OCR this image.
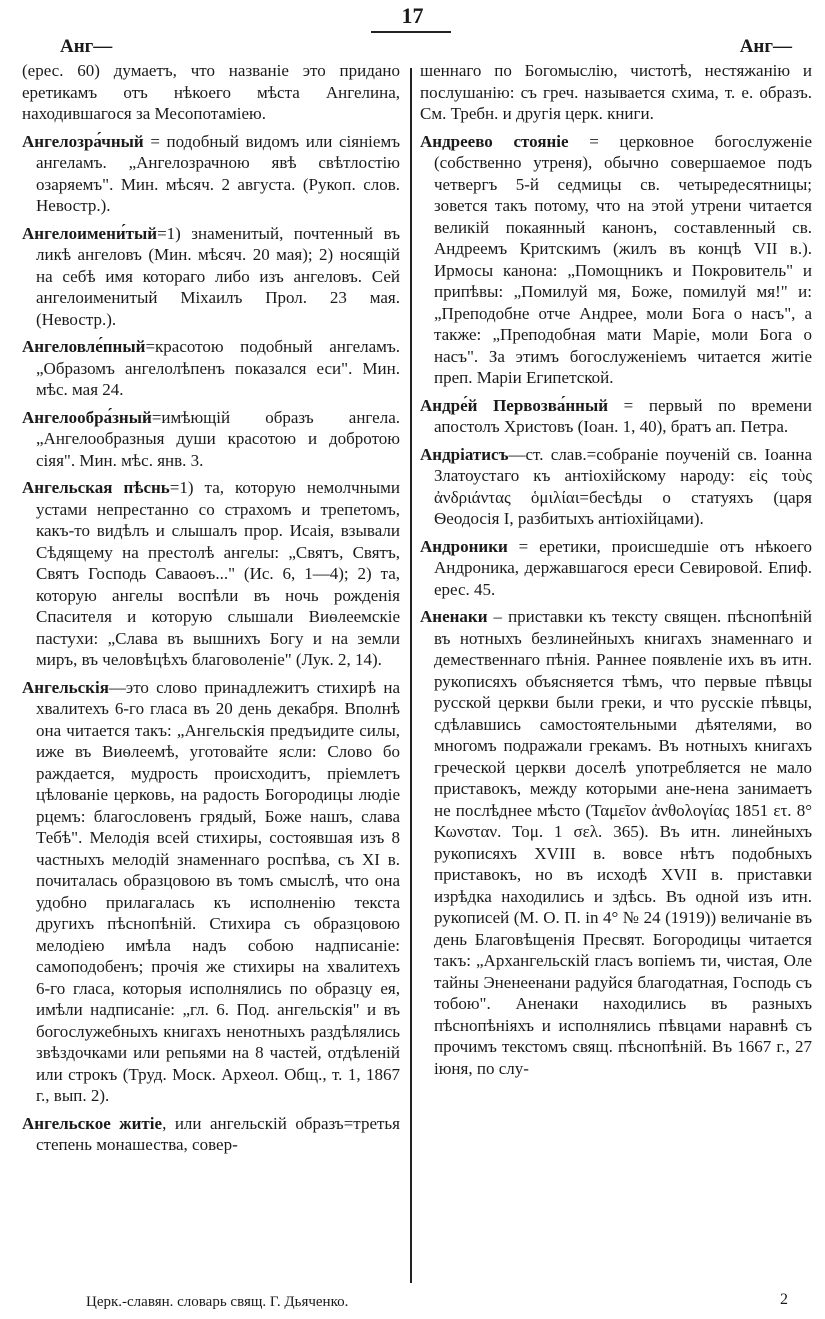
17
Анг—

(ерес. 60) думаетъ, что названіе это придано еретикамъ отъ нѣкоего мѣста Ангелина, находившагося за Месопотаміею.

Ангелозра́чный = подобный видомъ или сіяніемъ ангеламъ. „Ангелозрачною явѣ свѣтлостію озаряемъ". Мин. мѣсяч. 2 августа. (Рукоп. слов. Невостр.).

Ангелоимени́тый=1) знаменитый, почтенный въ ликѣ ангеловъ (Мин. мѣсяч. 20 мая); 2) носящій на себѣ имя котораго либо изъ ангеловъ. Сей ангелоименитый Міхаилъ Прол. 23 мая. (Невостр.).

Ангеловле́пный=красотою подобный ангеламъ. „Образомъ ангелолѣпенъ показался еси". Мин. мѣс. мая 24.

Ангелообра́зный=имѣющій образъ ангела. „Ангелообразныя души красотою и добротою сіяя". Мин. мѣс. янв. 3.

Ангельская пѣснь=1) та, которую немолчными устами непрестанно со страхомъ и трепетомъ, какъ-то видѣлъ и слышалъ прор. Исаія, взывали Сѣдящему на престолѣ ангелы: „Святъ, Святъ, Святъ Господь Саваоѳъ..." (Ис. 6, 1—4); 2) та, которую ангелы воспѣли въ ночь рожденія Спасителя и которую слышали Виѳлеемскіе пастухи: „Слава въ вышнихъ Богу и на земли миръ, въ человѣцѣхъ благоволеніе" (Лук. 2, 14).

Ангельскія—это слово принадлежитъ стихирѣ на хвалитехъ 6-го гласа въ 20 день декабря. Вполнѣ она читается такъ: „Ангельскія предъидите силы, иже въ Виѳлеемѣ, уготовайте ясли: Слово бо раждается, мудрость происходитъ, пріемлетъ цѣлованіе церковь, на радость Богородицы людіе рцемъ: благословенъ грядый, Боже нашъ, слава Тебѣ". Мелодія всей стихиры, состоявшая изъ 8 частныхъ мелодій знаменнаго роспѣва, съ XI в. почиталась образцовою въ томъ смыслѣ, что она удобно прилагалась къ исполненію текста другихъ пѣснопѣній. Стихира съ образцовою мелодіею имѣла надъ собою надписаніе: самоподобенъ; прочія же стихиры на хвалитехъ 6-го гласа, которыя исполнялись по образцу ея, имѣли надписаніе: „гл. 6. Под. ангельскія" и въ богослужебныхъ книгахъ ненотныхъ раздѣлялись звѣздочками или репьями на 8 частей, отдѣленій или строкъ (Труд. Моск. Археол. Общ., т. 1, 1867 г., вып. 2).

Ангельское житіе, или ангельскій образъ=третья степень монашества, совер-

Анг—

шеннаго по Богомыслію, чистотѣ, нестяжанію и послушанію: съ греч. называется схима, т. е. образъ. См. Требн. и другія церк. книги.

Андреево стояніе = церковное богослуженіе (собственно утреня), обычно совершаемое подъ четвергъ 5-й седмицы св. четыредесятницы; зовется такъ потому, что на этой утрени читается великій покаянный канонъ, составленный св. Андреемъ Критскимъ (жилъ въ концѣ VII в.). Ирмосы канона: „Помощникъ и Покровитель" и припѣвы: „Помилуй мя, Боже, помилуй мя!" и: „Преподобне отче Андрее, моли Бога о насъ", а также: „Преподобная мати Маріе, моли Бога о насъ". За этимъ богослуженіемъ читается житіе преп. Маріи Египетской.

Андре́й Первозва́нный = первый по времени апостолъ Христовъ (Іоан. 1, 40), братъ ап. Петра.

Андріатисъ—ст. слав.=собраніе поученій св. Іоанна Златоустаго къ антіохійскому народу: εἰς τοὺς ἀνδριάντας ὁμιλίαι=бесѣды о статуяхъ (царя Ѳеодосія I, разбитыхъ антіохійцами).

Андроники = еретики, происшедшіе отъ нѣкоего Андроника, державшагося ереси Севировой. Епиф. ерес. 45.

Аненаки – приставки къ тексту священ. пѣснопѣній въ нотныхъ безлинейныхъ книгахъ знаменнаго и демественнаго пѣнія. Раннее появленіе ихъ въ итн. рукописяхъ объясняется тѣмъ, что первые пѣвцы русской церкви были греки, и что русскіе пѣвцы, сдѣлавшись самостоятельными дѣятелями, во многомъ подражали грекамъ. Въ нотныхъ книгахъ греческой церкви доселѣ употребляется не мало приставокъ, между которыми ане-нена занимаетъ не послѣднее мѣсто (Ταμεῖον ἀνθολογίας 1851 ετ. 8° Κωνσταν. Τομ. 1 σελ. 365). Въ итн. линейныхъ рукописяхъ XVIII в. вовсе нѣтъ подобныхъ приставокъ, но въ исходѣ XVII в. приставки изрѣдка находились и здѣсь. Въ одной изъ итн. рукописей (М. О. П. in 4° № 24 (1919)) величаніе въ день Благовѣщенія Пресвят. Богородицы читается такъ: „Архангельскій гласъ вопіемъ ти, чистая, Оле тайны Эненеенани радуйся благодатная, Господь съ тобою". Аненаки находились въ разныхъ пѣснопѣніяхъ и исполнялись пѣвцами наравнѣ съ прочимъ текстомъ свящ. пѣснопѣній. Въ 1667 г., 27 іюня, по слу-

Церк.-славян. словарь свящ. Г. Дьяченко.	2
